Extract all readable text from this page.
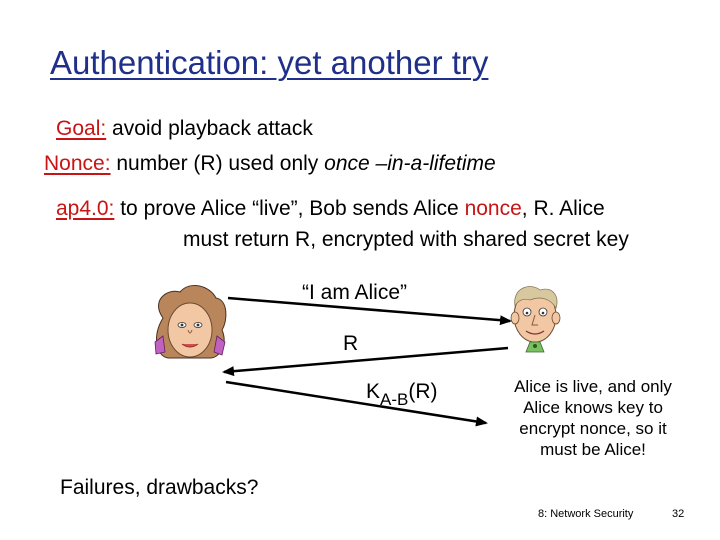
Authentication: yet another try
Goal: avoid playback attack
Nonce: number (R) used only once –in-a-lifetime
ap4.0: to prove Alice “live”, Bob sends Alice nonce, R. Alice
must return R, encrypted with shared secret key
“I am Alice”
R
$K_{A-B}(R)$	Alice is live, and only Alice knows key to encrypt nonce, so it must be Alice!
Failures, drawbacks?
8: Network Security	32
